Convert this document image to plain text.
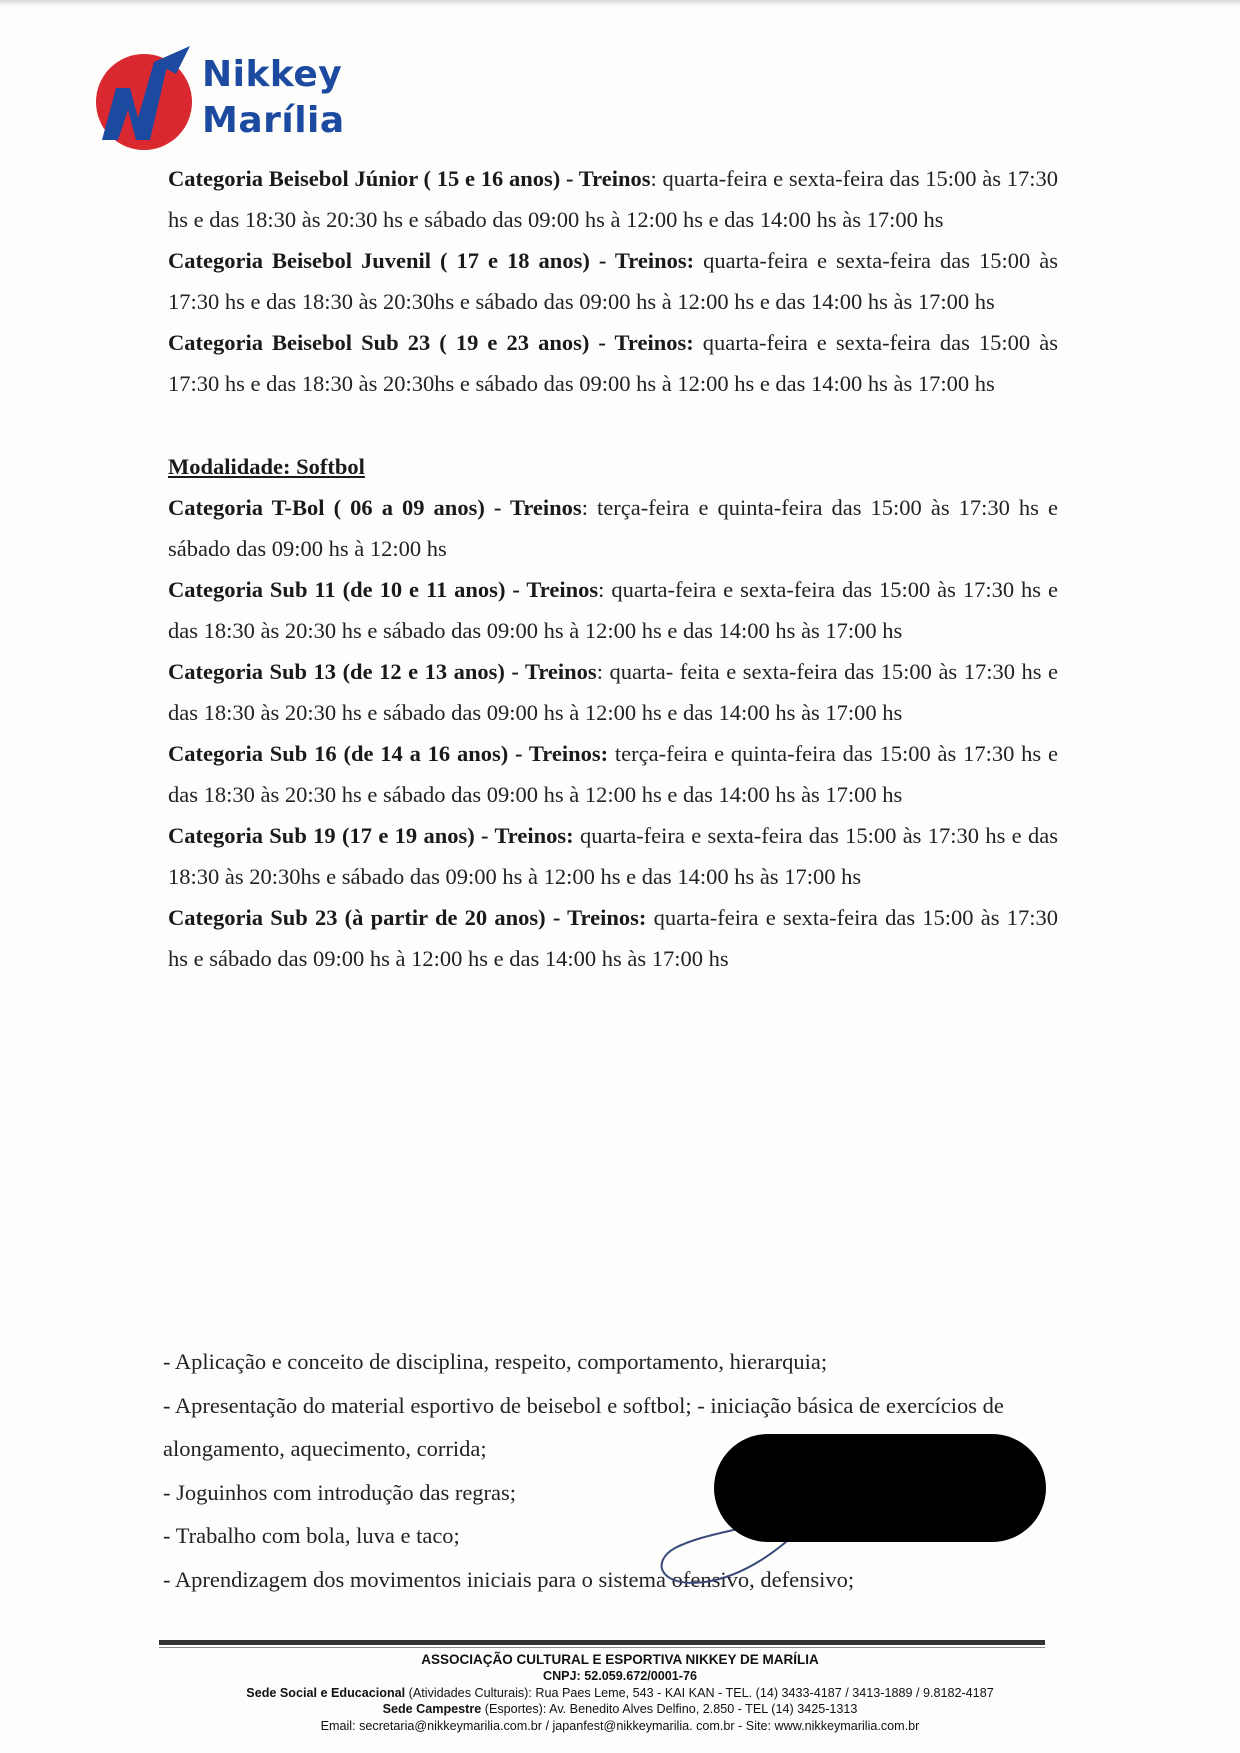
Nikkey
Marília

Categoria Beisebol Júnior ( 15 e 16 anos) - Treinos: quarta-feira e sexta-feira das 15:00 às 17:30 hs e das 18:30 às 20:30 hs e sábado das 09:00 hs à 12:00 hs e das 14:00 hs às 17:00 hs

Categoria Beisebol Juvenil ( 17 e 18 anos) - Treinos: quarta-feira e sexta-feira das 15:00 às 17:30 hs e das 18:30 às 20:30hs e sábado das 09:00 hs à 12:00 hs e das 14:00 hs às 17:00 hs

Categoria Beisebol Sub 23 ( 19 e 23 anos) - Treinos: quarta-feira e sexta-feira das 15:00 às 17:30 hs e das 18:30 às 20:30hs e sábado das 09:00 hs à 12:00 hs e das 14:00 hs às 17:00 hs

Modalidade: Softbol

Categoria T-Bol ( 06 a 09 anos) - Treinos: terça-feira e quinta-feira das 15:00 às 17:30 hs e sábado das 09:00 hs à 12:00 hs

Categoria Sub 11 (de 10 e 11 anos) - Treinos: quarta-feira e sexta-feira das 15:00 às 17:30 hs e das 18:30 às 20:30 hs e sábado das 09:00 hs à 12:00 hs e das 14:00 hs às 17:00 hs

Categoria Sub 13 (de 12 e 13 anos) - Treinos: quarta- feita e sexta-feira das 15:00 às 17:30 hs e das 18:30 às 20:30 hs e sábado das 09:00 hs à 12:00 hs e das 14:00 hs às 17:00 hs

Categoria Sub 16 (de 14 a 16 anos) - Treinos: terça-feira e quinta-feira das 15:00 às 17:30 hs e das 18:30 às 20:30 hs e sábado das 09:00 hs à 12:00 hs e das 14:00 hs às 17:00 hs

Categoria Sub 19 (17 e 19 anos) - Treinos: quarta-feira e sexta-feira das 15:00 às 17:30 hs e das 18:30 às 20:30hs e sábado das 09:00 hs à 12:00 hs e das 14:00 hs às 17:00 hs

Categoria Sub 23 (à partir de 20 anos) - Treinos: quarta-feira e sexta-feira das 15:00 às 17:30 hs e sábado das 09:00 hs à 12:00 hs e das 14:00 hs às 17:00 hs

- Aplicação e conceito de disciplina, respeito, comportamento, hierarquia;

- Apresentação do material esportivo de beisebol e softbol; - iniciação básica de exercícios de alongamento, aquecimento, corrida;

- Joguinhos com introdução das regras;

- Trabalho com bola, luva e taco;

- Aprendizagem dos movimentos iniciais para o sistema ofensivo, defensivo;

ASSOCIAÇÃO CULTURAL E ESPORTIVA NIKKEY DE MARÍLIA

CNPJ: 52.059.672/0001-76

Sede Social e Educacional (Atividades Culturais): Rua Paes Leme, 543 - KAI KAN - TEL. (14) 3433-4187 / 3413-1889 / 9.8182-4187

Sede Campestre (Esportes): Av. Benedito Alves Delfino, 2.850 - TEL (14) 3425-1313

Email: secretaria@nikkeymarilia.com.br / japanfest@nikkeymarilia. com.br - Site: www.nikkeymarilia.com.br
